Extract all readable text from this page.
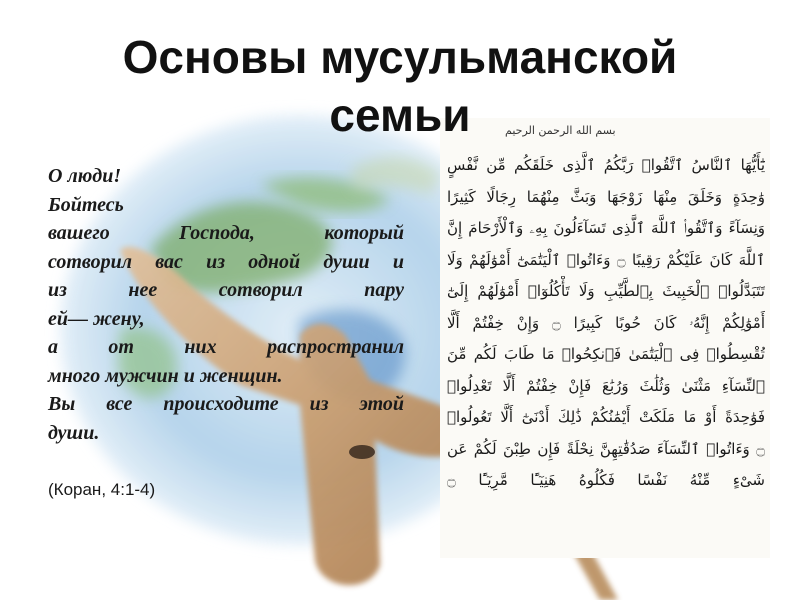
Основы мусульманской
семьи
О люди!
Бойтесь
вашего Господа, который
сотворил вас из одной души и
из нее сотворил пару
ей— жену,
а от них распространил
много мужчин и женщин.
Вы все происходите из этой
души.
(Коран, 4:1-4)
بسم الله الرحمن الرحيم
يَٰٓأَيُّهَا ٱلنَّاسُ ٱتَّقُوا۟ رَبَّكُمُ ٱلَّذِى خَلَقَكُم مِّن نَّفْسٍ
وَٰحِدَةٍ وَخَلَقَ مِنْهَا زَوْجَهَا وَبَثَّ مِنْهُمَا رِجَالًا كَثِيرًا
وَنِسَآءً وَٱتَّقُوا۟ ٱللَّهَ ٱلَّذِى تَسَآءَلُونَ بِهِۦ وَٱلْأَرْحَامَ إِنَّ
ٱللَّهَ كَانَ عَلَيْكُمْ رَقِيبًا ۝ وَءَاتُوا۟ ٱلْيَتَٰمَىٰٓ أَمْوَٰلَهُمْ وَلَا
تَتَبَدَّلُوا۟ ٱلْخَبِيثَ بِٱلطَّيِّبِ وَلَا تَأْكُلُوٓا۟ أَمْوَٰلَهُمْ إِلَىٰٓ
أَمْوَٰلِكُمْ إِنَّهُۥ كَانَ حُوبًا كَبِيرًا ۝ وَإِنْ خِفْتُمْ أَلَّا
تُقْسِطُوا۟ فِى ٱلْيَتَٰمَىٰ فَٱنكِحُوا۟ مَا طَابَ لَكُم مِّنَ
ٱلنِّسَآءِ مَثْنَىٰ وَثُلَٰثَ وَرُبَٰعَ فَإِنْ خِفْتُمْ أَلَّا تَعْدِلُوا۟
فَوَٰحِدَةً أَوْ مَا مَلَكَتْ أَيْمَٰنُكُمْ ذَٰلِكَ أَدْنَىٰٓ أَلَّا تَعُولُوا۟
۝ وَءَاتُوا۟ ٱلنِّسَآءَ صَدُقَٰتِهِنَّ نِحْلَةً فَإِن طِبْنَ لَكُمْ عَن
شَىْءٍ مِّنْهُ نَفْسًا فَكُلُوهُ هَنِيٓـًٔا مَّرِيٓـًٔا ۝
